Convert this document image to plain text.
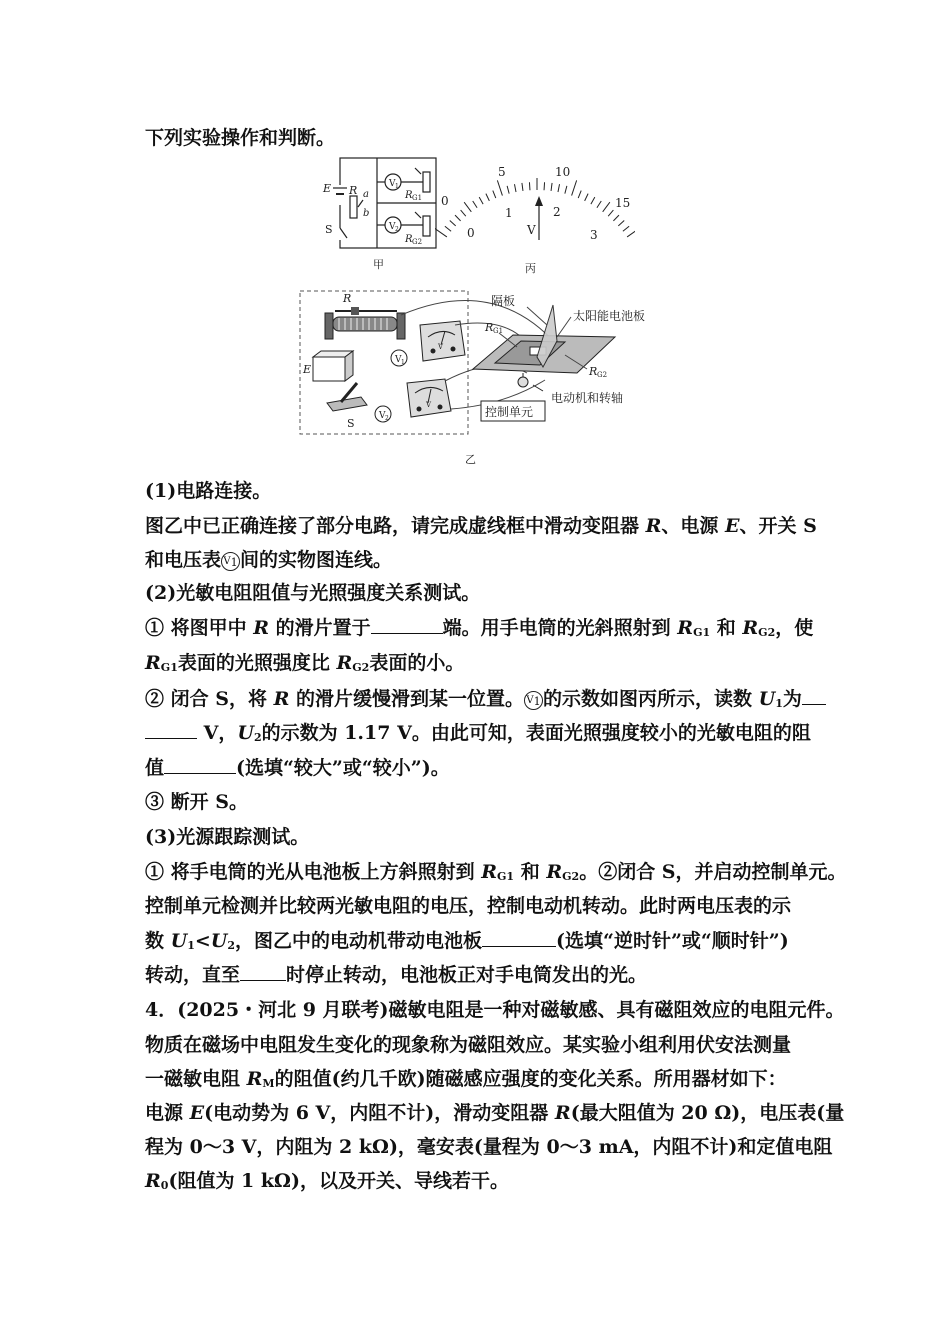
下列实验操作和判断。
E R a
b
S
V 1
V 2
R G1
R G2
甲
0
5	10
15
0
1	2
3
V
丙
R
E
S
V 1
V 2
V
V
隔板
太阳能电池板
R G1
R G2
电动机和转轴
控制单元
乙
(1)电路连接。
图乙中已正确连接了部分电路，请完成虚线框中滑动变阻器 R、电源 E、开关 S
和电压表 $V_1$ 间的实物图连线。
(2)光敏电阻阻值与光照强度关系测试。
① 将图甲中 R 的滑片置于	端。用手电筒的光斜照射到 $R_{G1}$ 和 $R_{G2}$，使
$R_{G1}$表面的光照强度比 $R_{G2}$表面的小。
② 闭合 S，将 R 的滑片缓慢滑到某一位置。 $V_1$ 的示数如图丙所示，读数 $U_1$为
V，$U_2$的示数为 1.17 V。由此可知，表面光照强度较小的光敏电阻的阻
值	(选填“较大”或“较小”)。
③ 断开 S。
(3)光源跟踪测试。
① 将手电筒的光从电池板上方斜照射到 $R_{G1}$ 和 $R_{G2}$。②闭合 S，并启动控制单元。
控制单元检测并比较两光敏电阻的电压，控制电动机转动。此时两电压表的示
数 $U_1<U_2$，图乙中的电动机带动电池板	(选填“逆时针”或“顺时针”)
转动，直至 时停止转动，电池板正对手电筒发出的光。
4．(2025・河北 9 月联考)磁敏电阻是一种对磁敏感、具有磁阻效应的电阻元件。
物质在磁场中电阻发生变化的现象称为磁阻效应。某实验小组利用伏安法测量
一磁敏电阻 $R_M$的阻值(约几千欧)随磁感应强度的变化关系。所用器材如下：
电源 E(电动势为 6 V，内阻不计)，滑动变阻器 R(最大阻值为 20 Ω)，电压表(量
程为 0～3 V，内阻为 2 kΩ)，毫安表(量程为 0～3 mA，内阻不计)和定值电阻
$R_0$(阻值为 1 kΩ)，以及开关、导线若干。
